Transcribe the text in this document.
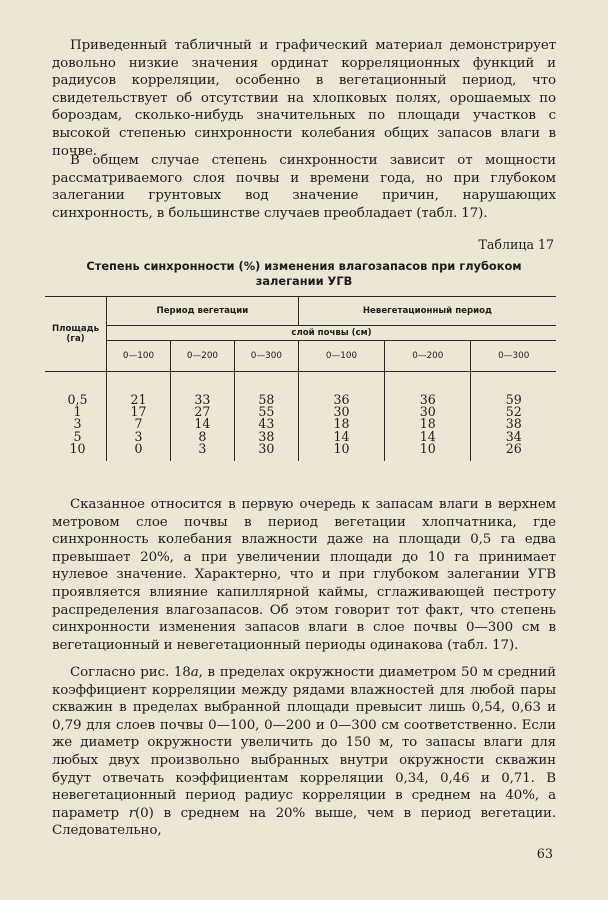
Приведенный табличный и графический материал демонстрирует довольно низкие значения ординат корреляционных функций и радиусов корреляции, особенно в вегетационный период, что свидетельствует об отсутствии на хлопковых полях, орошаемых по бороздам, сколько-нибудь значительных по площади участков с высокой степенью синхронности колебания общих запасов влаги в почве.

В общем случае степень синхронности зависит от мощности рассматриваемого слоя почвы и времени года, но при глубоком залегании грунтовых вод значение причин, нарушающих синхронность, в большинстве случаев преобладает (табл. 17).

Таблица 17
Степень синхронности (%) изменения влагозапасов при глубоком
залегании УГВ
Площадь (га)	Период вегетации			Невегетационный период		
	слой почвы (см)					
	0—100	0—200	0—300	0—100	0—200	0—300

0,5	21	33	58	36	36	59
1	17	27	55	30	30	52
3	7	14	43	18	18	38
5	3	8	38	14	14	34
10	0	3	30	10	10	26

Сказанное относится в первую очередь к запасам влаги в верхнем метровом слое почвы в период вегетации хлопчатника, где синхронность колебания влажности даже на площади 0,5 га едва превышает 20%, а при увеличении площади до 10 га принимает нулевое значение. Характерно, что и при глубоком залегании УГВ проявляется влияние капиллярной каймы, сглаживающей пестроту распределения влагозапасов. Об этом говорит тот факт, что степень синхронности изменения запасов влаги в слое почвы 0—300 см в вегетационный и невегетационный периоды одинакова (табл. 17).

Согласно рис. 18а, в пределах окружности диаметром 50 м средний коэффициент корреляции между рядами влажностей для любой пары скважин в пределах выбранной площади превысит лишь 0,54, 0,63 и 0,79 для слоев почвы 0—100, 0—200 и 0—300 см соответственно. Если же диаметр окружности увеличить до 150 м, то запасы влаги для любых двух произвольно выбранных внутри окружности скважин будут отвечать коэффициентам корреляции 0,34, 0,46 и 0,71. В невегетационный период радиус корреляции в среднем на 40%, а параметр r(0) в среднем на 20% выше, чем в период вегетации. Следовательно,

63
